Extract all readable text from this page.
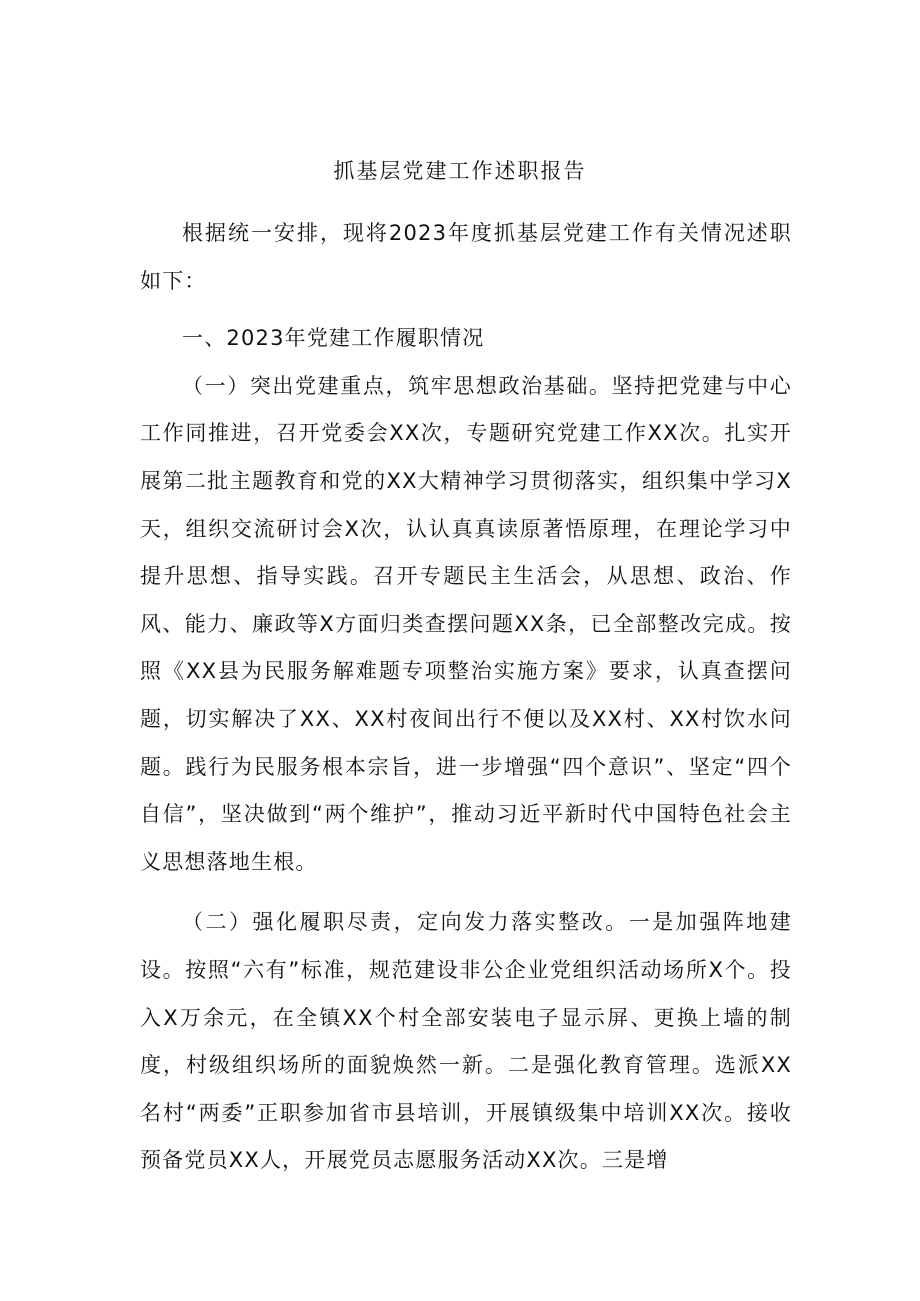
抓基层党建工作述职报告

根据统一安排，现将2023年度抓基层党建工作有关情况述职如下：

一、2023年党建工作履职情况

（一）突出党建重点，筑牢思想政治基础。坚持把党建与中心工作同推进，召开党委会XX次，专题研究党建工作XX次。扎实开展第二批主题教育和党的XX大精神学习贯彻落实，组织集中学习X天，组织交流研讨会X次，认认真真读原著悟原理，在理论学习中提升思想、指导实践。召开专题民主生活会，从思想、政治、作风、能力、廉政等X方面归类查摆问题XX条，已全部整改完成。按照《XX县为民服务解难题专项整治实施方案》要求，认真查摆问题，切实解决了XX、XX村夜间出行不便以及XX村、XX村饮水问题。践行为民服务根本宗旨，进一步增强“四个意识”、坚定“四个自信”，坚决做到“两个维护”，推动习近平新时代中国特色社会主义思想落地生根。

（二）强化履职尽责，定向发力落实整改。一是加强阵地建设。按照“六有”标准，规范建设非公企业党组织活动场所X个。投入X万余元，在全镇XX个村全部安装电子显示屏、更换上墙的制度，村级组织场所的面貌焕然一新。二是强化教育管理。选派XX名村“两委”正职参加省市县培训，开展镇级集中培训XX次。接收预备党员XX人，开展党员志愿服务活动XX次。三是增
